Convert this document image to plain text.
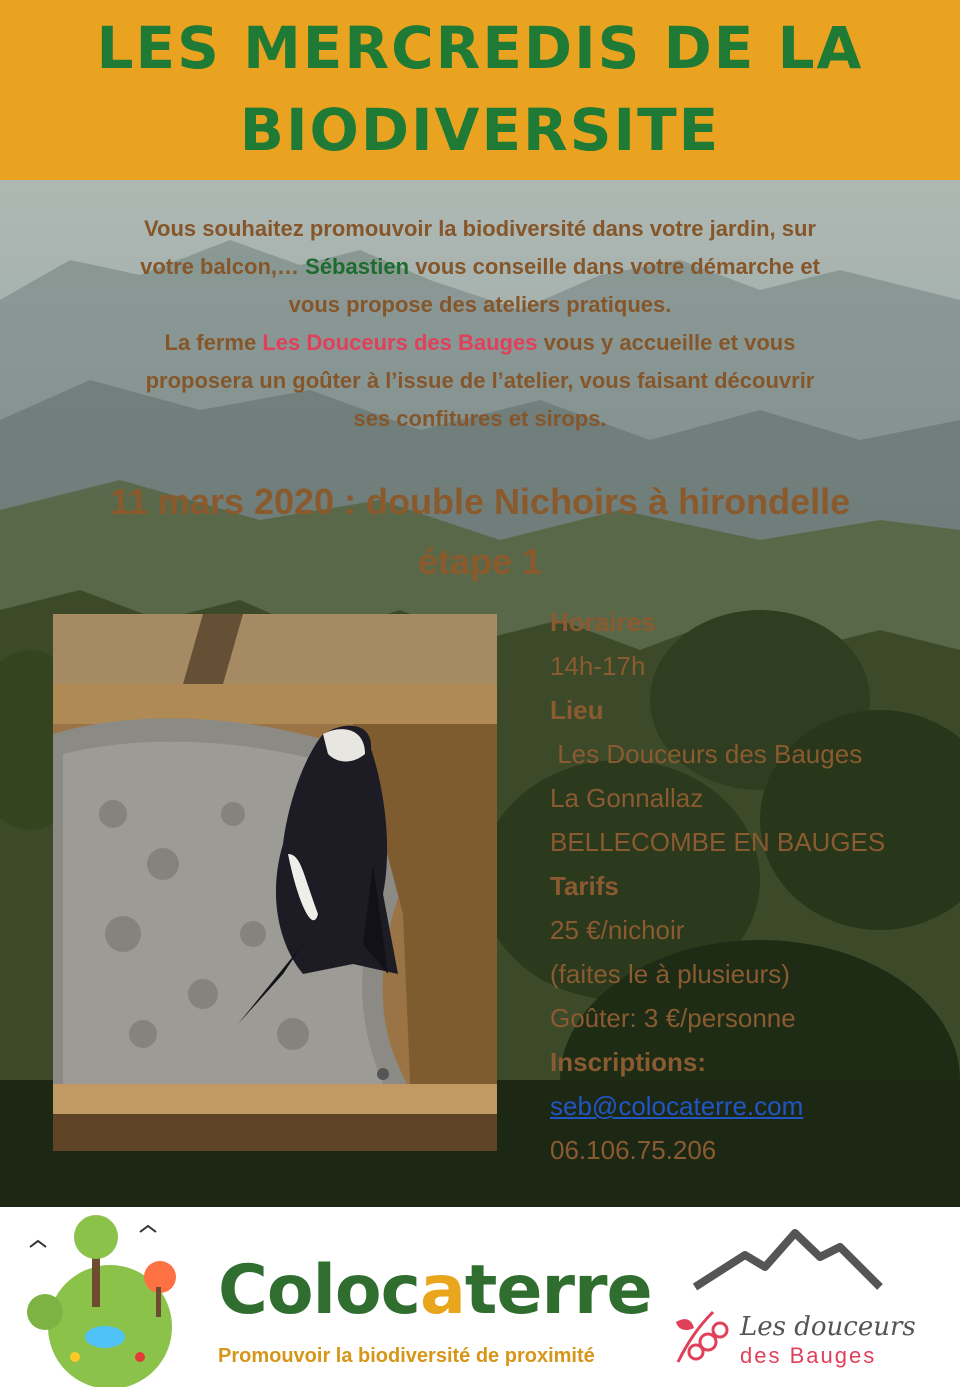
LES MERCREDIS DE LA
BIODIVERSITE
Vous souhaitez promouvoir la biodiversité dans votre jardin, sur
votre balcon,… Sébastien vous conseille dans votre démarche et
vous propose des ateliers pratiques.
La ferme Les Douceurs des Bauges vous y accueille et vous
proposera un goûter à l’issue de l’atelier, vous faisant découvrir
ses confitures et sirops.
11 mars 2020 : double Nichoirs à hirondelle
étape 1
Horaires
14h-17h
Lieu
Les Douceurs des Bauges
La Gonnallaz
BELLECOMBE EN BAUGES
Tarifs
25 €/nichoir
(faites le à plusieurs)
Goûter: 3 €/personne
Inscriptions:
seb@colocaterre.com
06.106.75.206
Colocaterre
Promouvoir la biodiversité de proximité
Les douceurs
des Bauges
